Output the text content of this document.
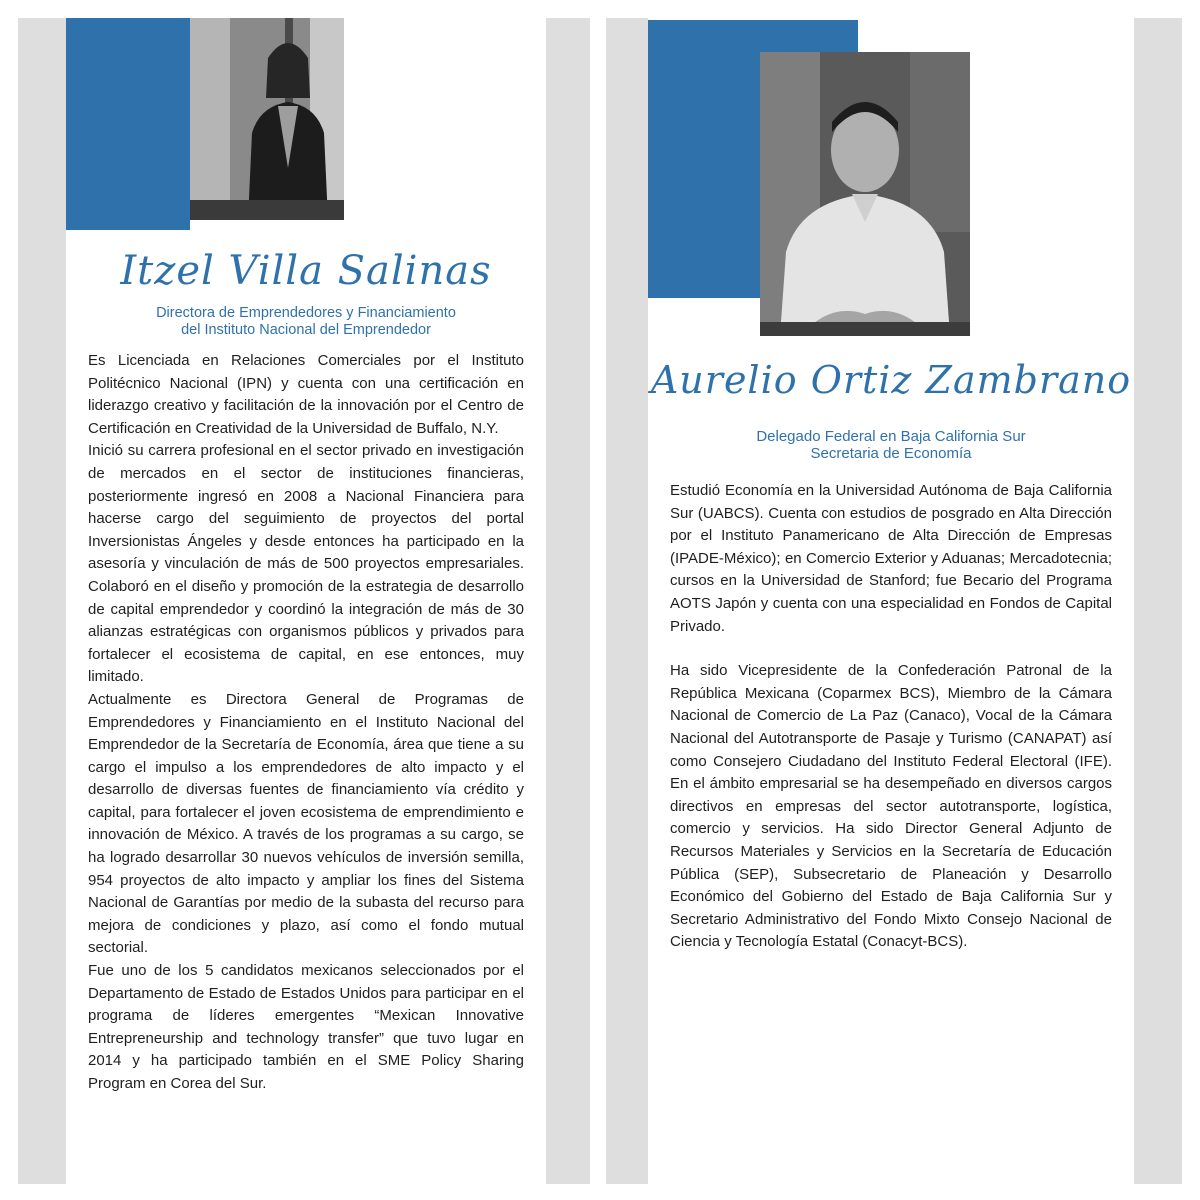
Itzel Villa Salinas
Directora de Emprendedores y Financiamiento
del Instituto Nacional del Emprendedor

Es Licenciada en Relaciones Comerciales por el Instituto Politécnico Nacional (IPN) y cuenta con una certificación en liderazgo creativo y facilitación de la innovación por el Centro de Certificación en Creatividad de la Universidad de Buffalo, N.Y.

Inició su carrera profesional en el sector privado en investigación de mercados en el sector de instituciones financieras, posteriormente ingresó en 2008 a Nacional Financiera para hacerse cargo del seguimiento de proyectos del portal Inversionistas Ángeles y desde entonces ha participado en la asesoría y vinculación de más de 500 proyectos empresariales. Colaboró en el diseño y promoción de la estrategia de desarrollo de capital emprendedor y coordinó la integración de más de 30 alianzas estratégicas con organismos públicos y privados para fortalecer el ecosistema de capital, en ese entonces, muy limitado.

Actualmente es Directora General de Programas de Emprendedores y Financiamiento en el Instituto Nacional del Emprendedor de la Secretaría de Economía, área que tiene a su cargo el impulso a los emprendedores de alto impacto y el desarrollo de diversas fuentes de financiamiento vía crédito y capital, para fortalecer el joven ecosistema de emprendimiento e innovación de México. A través de los programas a su cargo, se ha logrado desarrollar 30 nuevos vehículos de inversión semilla, 954 proyectos de alto impacto y ampliar los fines del Sistema Nacional de Garantías por medio de la subasta del recurso para mejora de condiciones y plazo, así como el fondo mutual sectorial.

Fue uno de los 5 candidatos mexicanos seleccionados por el Departamento de Estado de Estados Unidos para participar en el programa de líderes emergentes “Mexican Innovative Entrepreneurship and technology transfer” que tuvo lugar en 2014 y ha participado también en el SME Policy Sharing Program en Corea del Sur.

Aurelio Ortiz Zambrano
Delegado Federal en Baja California Sur
Secretaria de Economía

Estudió Economía en la Universidad Autónoma de Baja California Sur (UABCS). Cuenta con estudios de posgrado en Alta Dirección por el Instituto Panamericano de Alta Dirección de Empresas (IPADE-México); en Comercio Exterior y Aduanas; Mercadotecnia; cursos en la Universidad de Stanford; fue Becario del Programa AOTS Japón y cuenta con una especialidad en Fondos de Capital Privado.

Ha sido Vicepresidente de la Confederación Patronal de la República Mexicana (Coparmex BCS), Miembro de la Cámara Nacional de Comercio de La Paz (Canaco), Vocal de la Cámara Nacional del Autotransporte de Pasaje y Turismo (CANAPAT) así como Consejero Ciudadano del Instituto Federal Electoral (IFE). En el ámbito empresarial se ha desempeñado en diversos cargos directivos en empresas del sector autotransporte, logística, comercio y servicios. Ha sido Director General Adjunto de Recursos Materiales y Servicios en la Secretaría de Educación Pública (SEP), Subsecretario de Planeación y Desarrollo Económico del Gobierno del Estado de Baja California Sur y Secretario Administrativo del Fondo Mixto Consejo Nacional de Ciencia y Tecnología Estatal (Conacyt-BCS).
